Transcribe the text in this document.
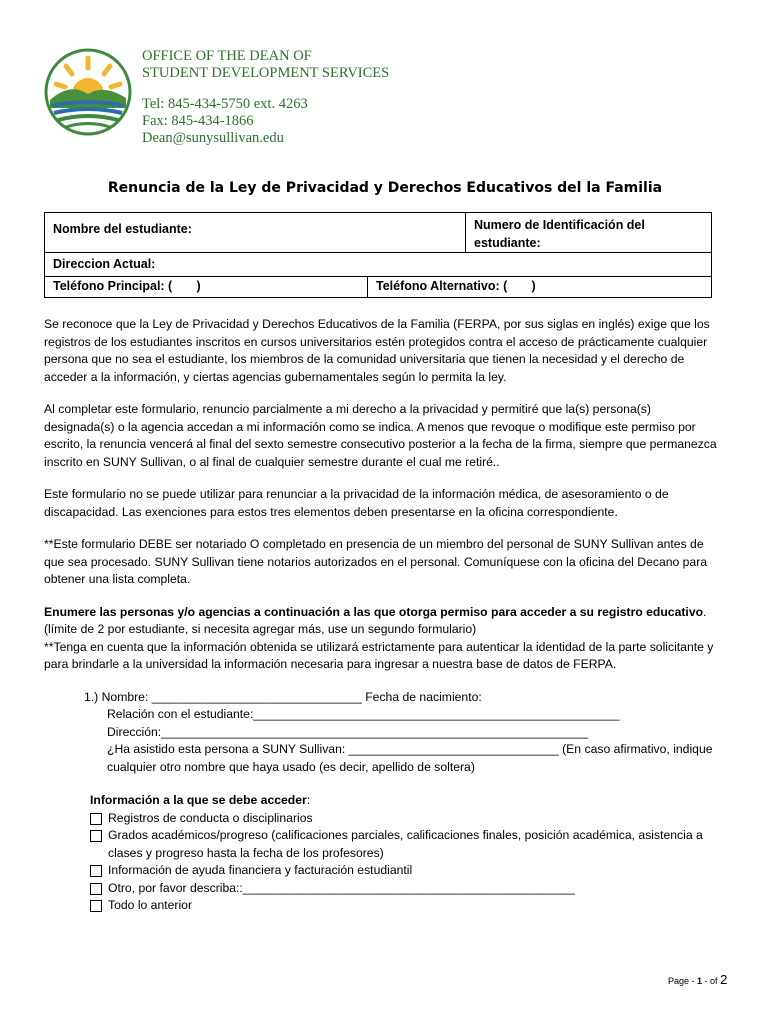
OFFICE OF THE DEAN OF
STUDENT DEVELOPMENT SERVICES
Tel: 845-434-5750 ext. 4263
Fax: 845-434-1866
Dean@sunysullivan.edu
Renuncia de la Ley de Privacidad y Derechos Educativos del la Familia
Nombre del estudiante:	Numero de Identificación del
estudiante:
Direccion Actual:
Teléfono Principal: (       )	Teléfono Alternativo: (       )

Se reconoce que la Ley de Privacidad y Derechos Educativos de la Familia (FERPA, por sus siglas en inglés) exige que los registros de los estudiantes inscritos en cursos universitarios estén protegidos contra el acceso de prácticamente cualquier persona que no sea el estudiante, los miembros de la comunidad universitaria que tienen la necesidad y el derecho de acceder a la información, y ciertas agencias gubernamentales según lo permita la ley.

Al completar este formulario, renuncio parcialmente a mi derecho a la privacidad y permitiré que la(s) persona(s) designada(s) o la agencia accedan a mi información como se indica. A menos que revoque o modifique este permiso por escrito, la renuncia vencerá al final del sexto semestre consecutivo posterior a la fecha de la firma, siempre que permanezca inscrito en SUNY Sullivan, o al final de cualquier semestre durante el cual me retiré..

Este formulario no se puede utilizar para renunciar a la privacidad de la información médica, de asesoramiento o de discapacidad. Las exenciones para estos tres elementos deben presentarse en la oficina correspondiente.

**Este formulario DEBE ser notariado O completado en presencia de un miembro del personal de SUNY Sullivan antes de que sea procesado. SUNY Sullivan tiene notarios autorizados en el personal. Comuníquese con la oficina del Decano para obtener una lista completa.

Enumere las personas y/o agencias a continuación a las que otorga permiso para acceder a su registro educativo.
(límite de 2 por estudiante, si necesita agregar más, use un segundo formulario)
**Tenga en cuenta que la información obtenida se utilizará estrictamente para autenticar la identidad de la parte solicitante y para brindarle a la universidad la información necesaria para ingresar a nuestra base de datos de FERPA.

1.) Nombre: _______________________________ Fecha de nacimiento:
Relación con el estudiante:______________________________________________________
Dirección:_______________________________________________________________
¿Ha asistido esta persona a SUNY Sullivan: _______________________________ (En caso afirmativo, indique cualquier otro nombre que haya usado (es decir, apellido de soltera)
Información a la que se debe acceder:
Registros de conducta o disciplinarios
Grados académicos/progreso (calificaciones parciales, calificaciones finales, posición académica, asistencia a clases y progreso hasta la fecha de los profesores)
Información de ayuda financiera y facturación estudiantil
Otro, por favor describa::_________________________________________________
Todo lo anterior
Page - 1 - of 2
